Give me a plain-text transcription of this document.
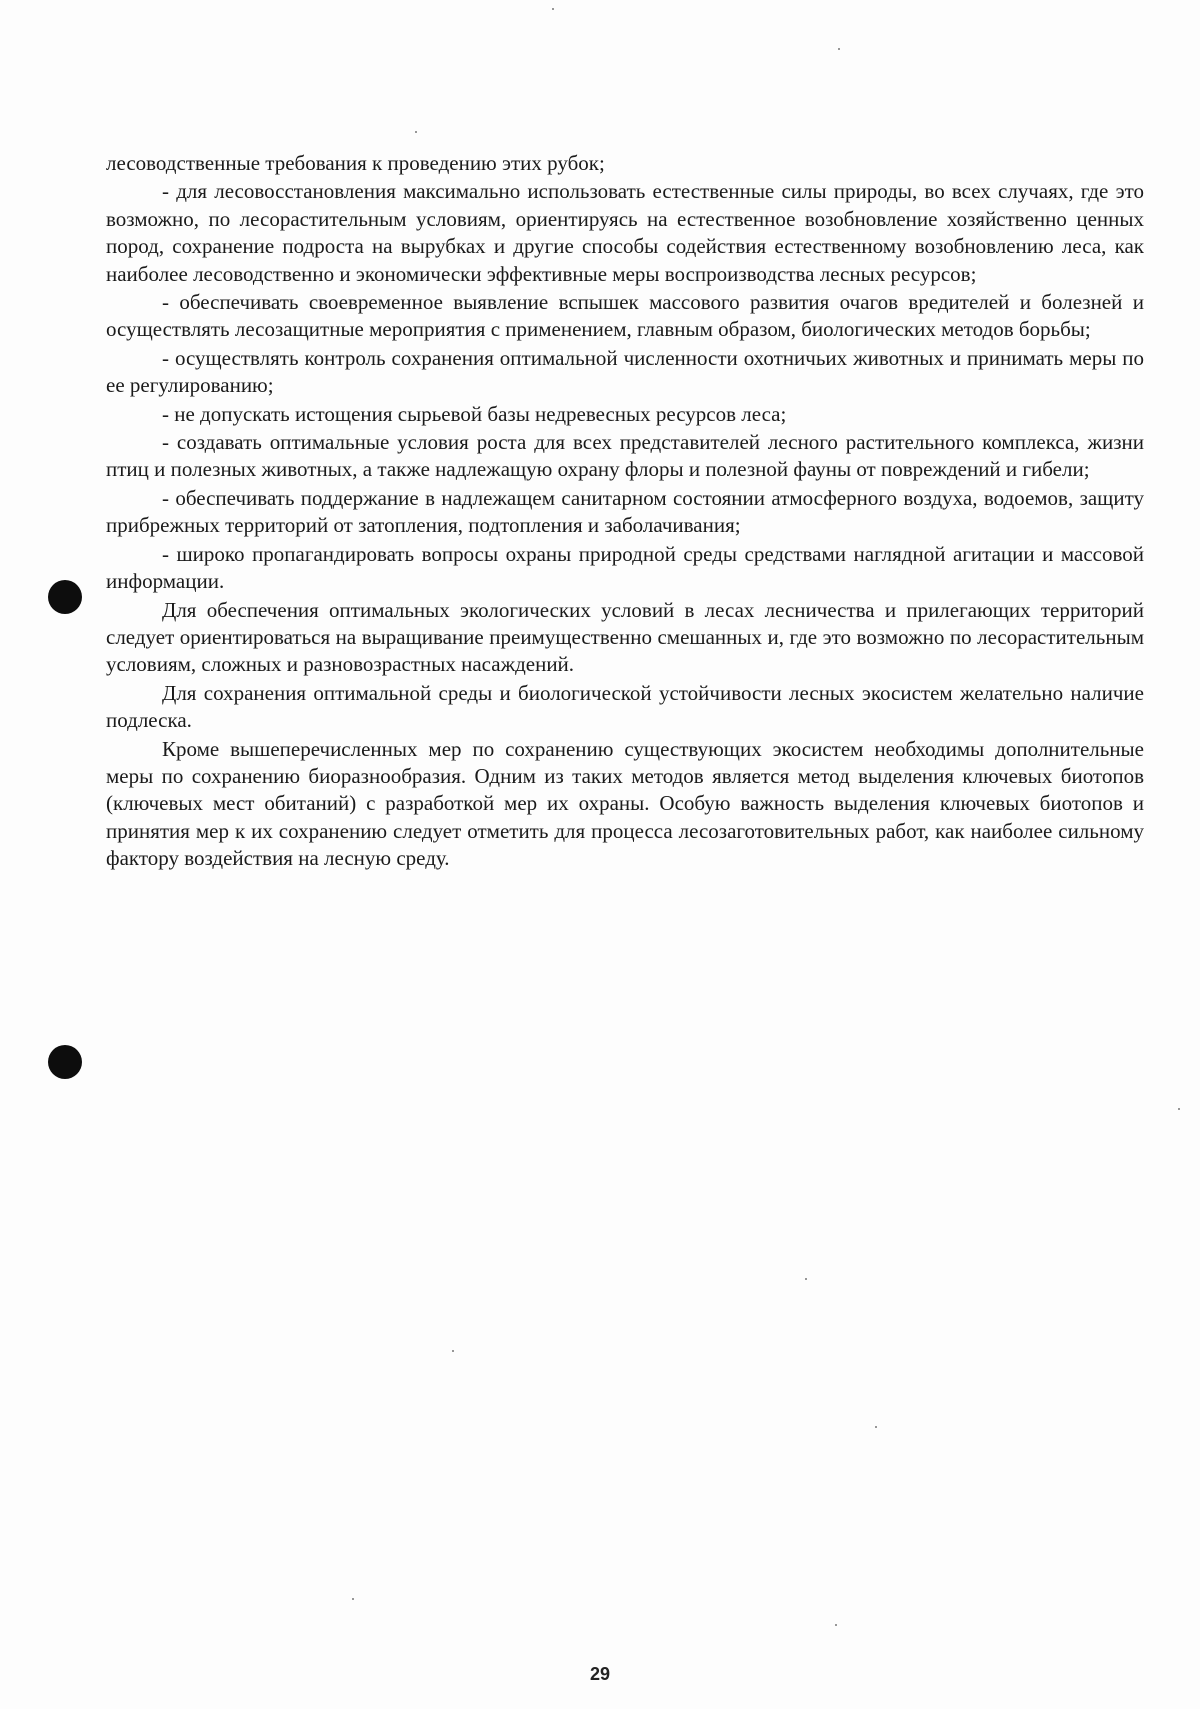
лесоводственные требования к проведению этих рубок;

- для лесовосстановления максимально использовать естественные силы природы, во всех случаях, где это возможно, по лесорастительным условиям, ориентируясь на естественное возобновление хозяйственно ценных пород, сохранение подроста на вырубках и другие способы содействия естественному возобновлению леса, как наиболее лесоводственно и экономически эффективные меры воспроизводства лесных ресурсов;

- обеспечивать своевременное выявление вспышек массового развития очагов вредителей и болезней и осуществлять лесозащитные мероприятия с применением, главным образом, биологических методов борьбы;

- осуществлять контроль сохранения оптимальной численности охотничьих животных и принимать меры по ее регулированию;

- не допускать истощения сырьевой базы недревесных ресурсов леса;

- создавать оптимальные условия роста для всех представителей лесного растительного комплекса, жизни птиц и полезных животных, а также надлежащую охрану флоры и полезной фауны от повреждений и гибели;

- обеспечивать поддержание в надлежащем санитарном состоянии атмосферного воздуха, водоемов, защиту прибрежных территорий от затопления, подтопления и заболачивания;

- широко пропагандировать вопросы охраны природной среды средствами наглядной агитации и массовой информации.

Для обеспечения оптимальных экологических условий в лесах лесничества и прилегающих территорий следует ориентироваться на выращивание преимущественно смешанных и, где это возможно по лесорастительным условиям, сложных и разновозрастных насаждений.

Для сохранения оптимальной среды и биологической устойчивости лесных экосистем желательно наличие подлеска.

Кроме вышеперечисленных мер по сохранению существующих экосистем необходимы дополнительные меры по сохранению биоразнообразия. Одним из таких методов является метод выделения ключевых биотопов (ключевых мест обитаний) с разработкой мер их охраны. Особую важность выделения ключевых биотопов и принятия мер к их сохранению следует отметить для процесса лесозаготовительных работ, как наиболее сильному фактору воздействия на лесную среду.

29
